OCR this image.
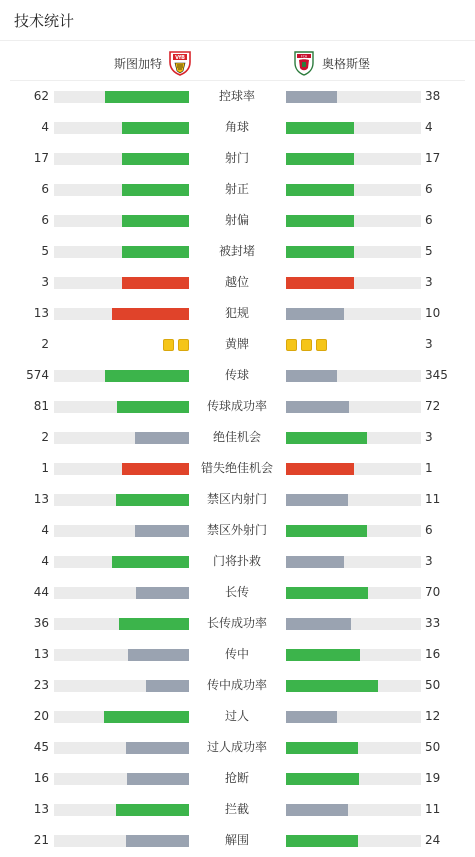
技术统计
斯图加特	VfB	FCA
奥格斯堡
62	控球率	38
4	角球	4
17	射门	17
6	射正	6
6	射偏	6
5	被封堵	5
3	越位	3
13	犯规	10
2	黄牌	3
574	传球	345
81	传球成功率	72
2	绝佳机会	3
1	错失绝佳机会	1
13	禁区内射门	11
4	禁区外射门	6
4	门将扑救	3
44	长传	70
36	长传成功率	33
13	传中	16
23	传中成功率	50
20	过人	12
45	过人成功率	50
16	抢断	19
13	拦截	11
21	解围	24
